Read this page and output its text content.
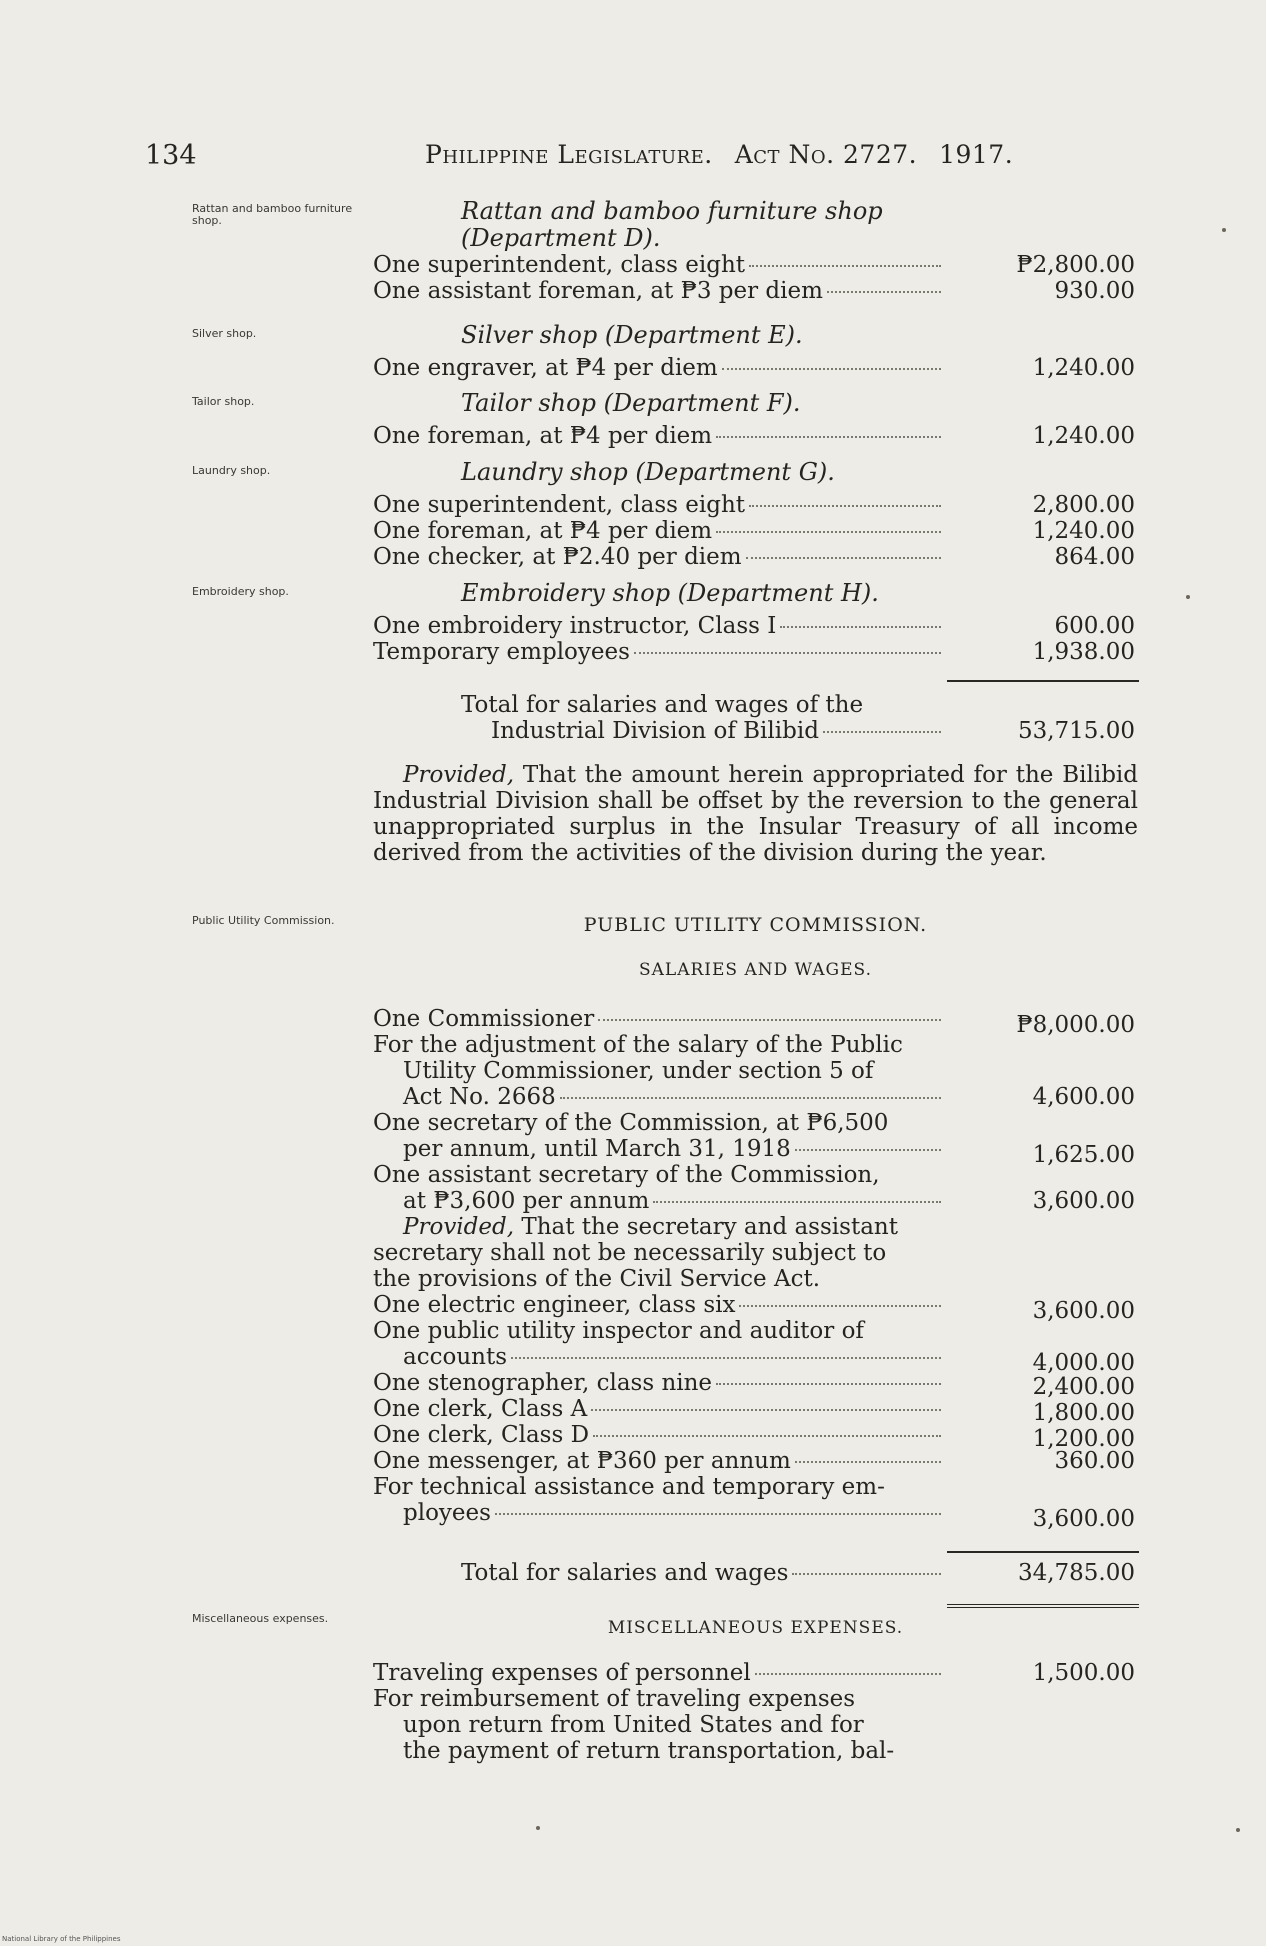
134	Philippine Legislature. Act No. 2727. 1917.
Rattan and bamboo furniture shop.
Silver shop.
Tailor shop.
Laundry shop.
Embroidery shop.
Public Utility Commission.
Miscellaneous expenses.
Rattan and bamboo furniture shop
(Department D).
One superintendent, class eight	₱2,800.00
One assistant foreman, at ₱3 per diem	930.00
Silver shop (Department E).
One engraver, at ₱4 per diem	1,240.00
Tailor shop (Department F).
One foreman, at ₱4 per diem	1,240.00
Laundry shop (Department G).
One superintendent, class eight	2,800.00
One foreman, at ₱4 per diem	1,240.00
One checker, at ₱2.40 per diem	864.00
Embroidery shop (Department H).
One embroidery instructor, Class I	600.00
Temporary employees	1,938.00
Total for salaries and wages of the
Industrial Division of Bilibid	53,715.00
Provided, That the amount herein appropriated for the Bilibid Industrial Division shall be offset by the reversion to the general unappropriated surplus in the Insular Treasury of all income derived from the activities of the division during the year.
PUBLIC UTILITY COMMISSION.
SALARIES AND WAGES.
One Commissioner	₱8,000.00
For the adjustment of the salary of the Public
Utility Commissioner, under section 5 of
Act No. 2668	4,600.00
One secretary of the Commission, at ₱6,500
per annum, until March 31, 1918	1,625.00
One assistant secretary of the Commission,
at ₱3,600 per annum	3,600.00
Provided, That the secretary and assistant
secretary shall not be necessarily subject to
the provisions of the Civil Service Act.
One electric engineer, class six	3,600.00
One public utility inspector and auditor of
accounts	4,000.00
One stenographer, class nine	2,400.00
One clerk, Class A	1,800.00
One clerk, Class D	1,200.00
One messenger, at ₱360 per annum	360.00
For technical assistance and temporary em-
ployees	3,600.00
Total for salaries and wages	34,785.00
MISCELLANEOUS EXPENSES.
Traveling expenses of personnel	1,500.00
For reimbursement of traveling expenses
upon return from United States and for
the payment of return transportation, bal-
National Library of the Philippines
